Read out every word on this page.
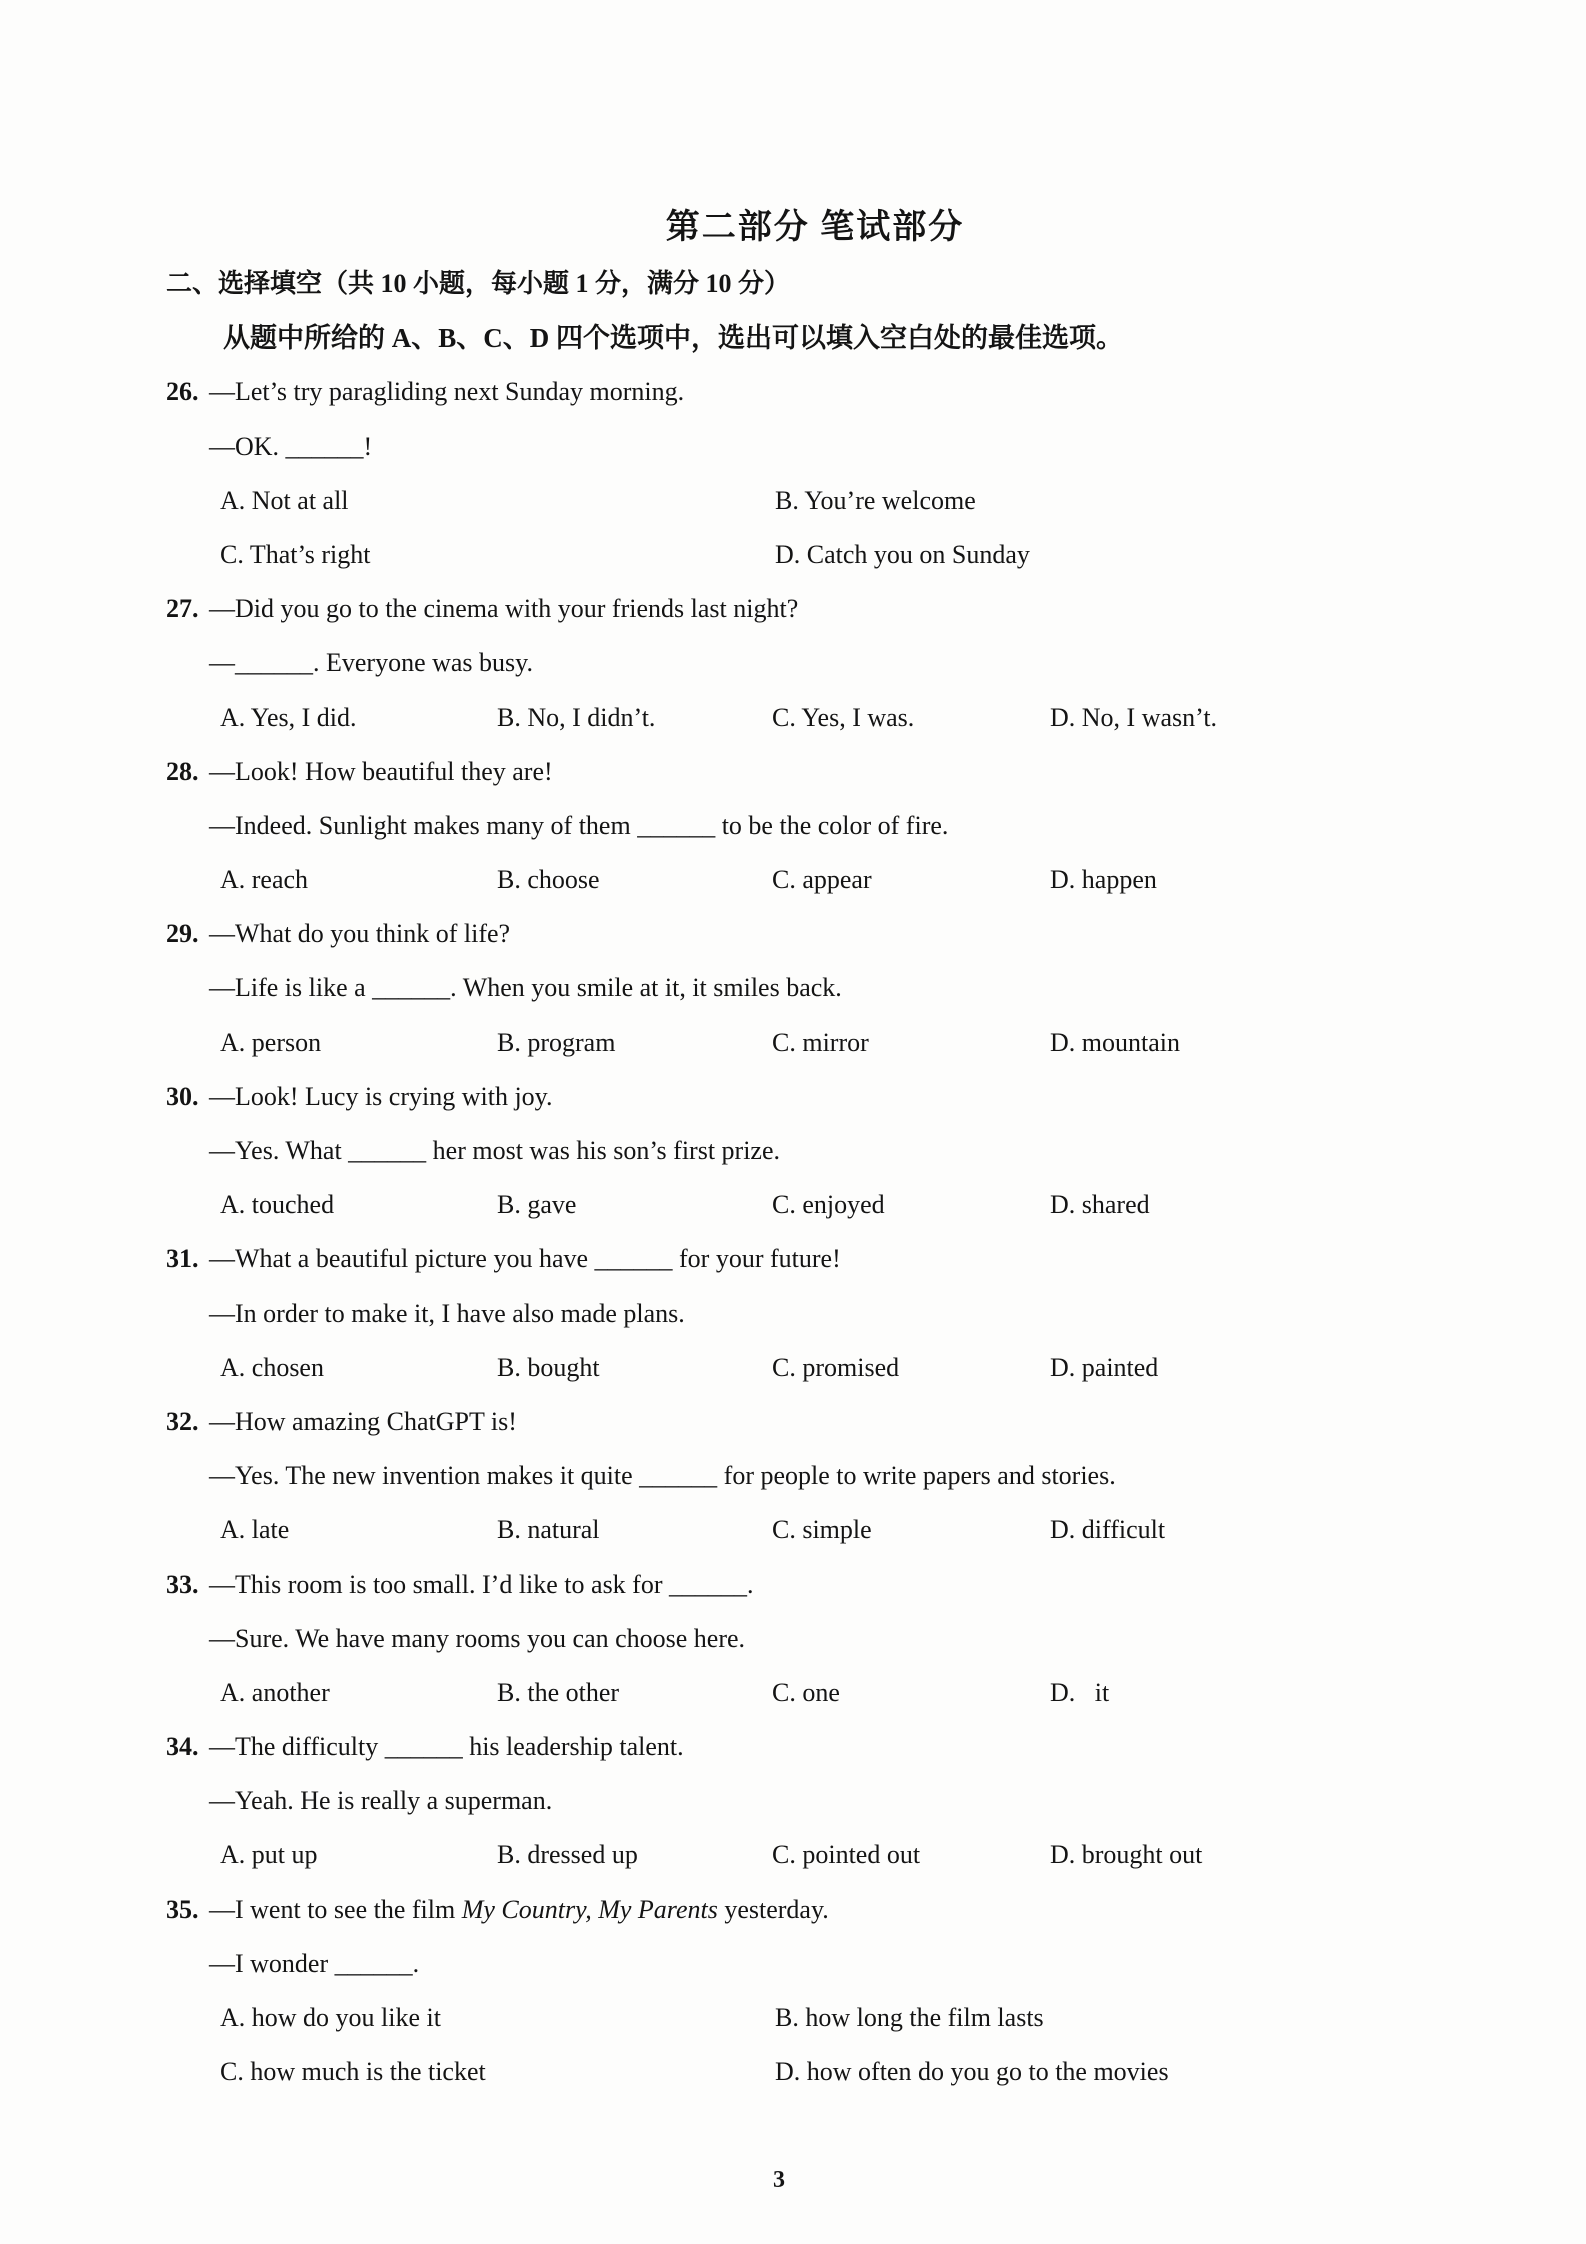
第二部分 笔试部分
二、选择填空（共 10 小题，每小题 1 分，满分 10 分）
从题中所给的 A、B、C、D 四个选项中，选出可以填入空白处的最佳选项。
26. —Let’s try paragliding next Sunday morning.
—OK. ______!

A. Not at all

	B. You’re welcome

C. That’s right

	D. Catch you on Sunday

27. —Did you go to the cinema with your friends last night?
—______. Everyone was busy.

A. Yes, I did.

	B. No, I didn’t.

	C. Yes, I was.

	D. No, I wasn’t.

28. —Look! How beautiful they are!
—Indeed. Sunlight makes many of them ______ to be the color of fire.

A. reach

	B. choose

	C. appear

	D. happen

29. —What do you think of life?
—Life is like a ______. When you smile at it, it smiles back.

A. person

	B. program

	C. mirror

	D. mountain

30. —Look! Lucy is crying with joy.
—Yes. What ______ her most was his son’s first prize.

A. touched

	B. gave

	C. enjoyed

	D. shared

31. —What a beautiful picture you have ______ for your future!
—In order to make it, I have also made plans.

A. chosen

	B. bought

	C. promised

	D. painted

32. —How amazing ChatGPT is!
—Yes. The new invention makes it quite ______ for people to write papers and stories.

A. late

	B. natural

	C. simple

	D. difficult

33. —This room is too small. I’d like to ask for ______.
—Sure. We have many rooms you can choose here.

A. another

	B. the other

	C. one

	D.   it

34. —The difficulty ______ his leadership talent.
—Yeah. He is really a superman.

A. put up

	B. dressed up

	C. pointed out

	D. brought out

35. —I went to see the film My Country, My Parents yesterday.
—I wonder ______.

A. how do you like it

	B. how long the film lasts

C. how much is the ticket

	D. how often do you go to the movies

3
